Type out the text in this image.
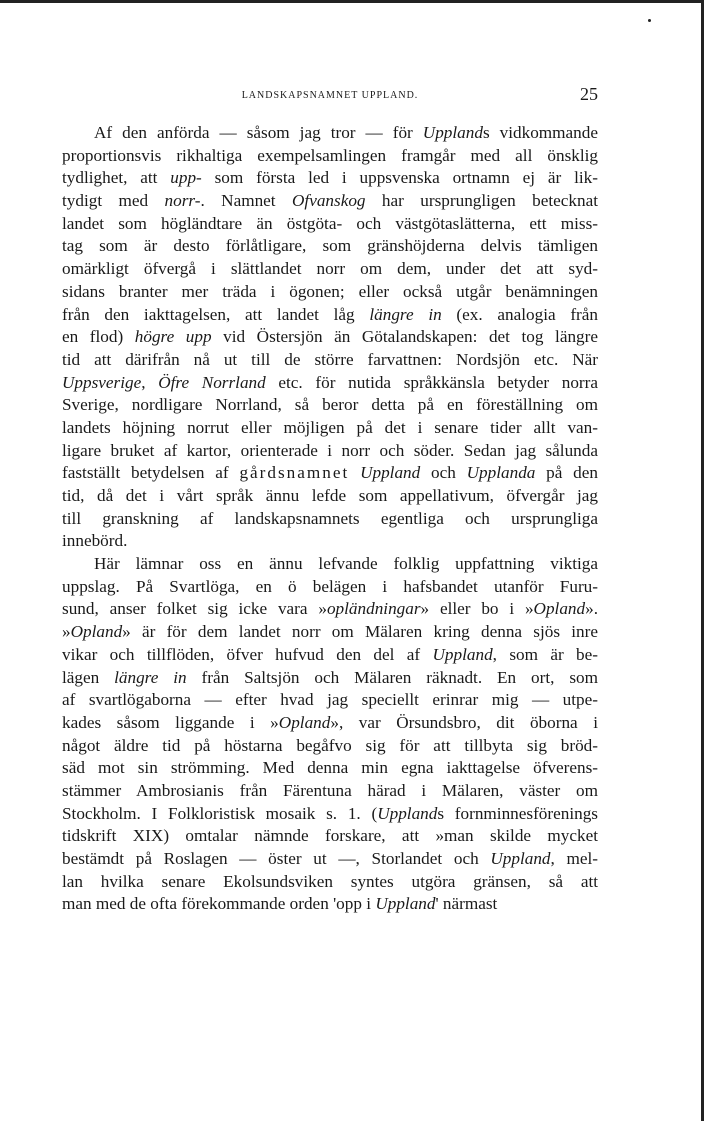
LANDSKAPSNAMNET UPPLAND.	25
Af den anförda — såsom jag tror — för Upplands vidkommande
proportionsvis rikhaltiga exempelsamlingen framgår med all önsklig
tydlighet, att upp- som första led i uppsvenska ortnamn ej är lik-
tydigt med norr-. Namnet Ofvanskog har ursprungligen betecknat
landet som högländtare än östgöta- och västgötaslätterna, ett miss-
tag som är desto förlåtligare, som gränshöjderna delvis tämligen
omärkligt öfvergå i slättlandet norr om dem, under det att syd-
sidans branter mer träda i ögonen; eller också utgår benämningen
från den iakttagelsen, att landet låg längre in (ex. analogia från
en flod) högre upp vid Östersjön än Götalandskapen: det tog längre
tid att därifrån nå ut till de större farvattnen: Nordsjön etc. När
Uppsverige, Öfre Norrland etc. för nutida språkkänsla betyder norra
Sverige, nordligare Norrland, så beror detta på en föreställning om
landets höjning norrut eller möjligen på det i senare tider allt van-
ligare bruket af kartor, orienterade i norr och söder. Sedan jag sålunda
fastställt betydelsen af gårdsnamnet Uppland och Upplanda på den
tid, då det i vårt språk ännu lefde som appellativum, öfvergår jag
till granskning af landskapsnamnets egentliga och ursprungliga
innebörd.
Här lämnar oss en ännu lefvande folklig uppfattning viktiga
uppslag. På Svartlöga, en ö belägen i hafsbandet utanför Furu-
sund, anser folket sig icke vara »opländningar» eller bo i »Opland».
»Opland» är för dem landet norr om Mälaren kring denna sjös inre
vikar och tillflöden, öfver hufvud den del af Uppland, som är be-
lägen längre in från Saltsjön och Mälaren räknadt. En ort, som
af svartlögaborna — efter hvad jag speciellt erinrar mig — utpe-
kades såsom liggande i »Opland», var Örsundsbro, dit öborna i
något äldre tid på höstarna begåfvo sig för att tillbyta sig bröd-
säd mot sin strömming. Med denna min egna iakttagelse öfverens-
stämmer Ambrosianis från Färentuna härad i Mälaren, väster om
Stockholm. I Folkloristisk mosaik s. 1. (Upplands fornminnesförenings
tidskrift XIX) omtalar nämnde forskare, att »man skilde mycket
bestämdt på Roslagen — öster ut —, Storlandet och Uppland, mel-
lan hvilka senare Ekolsundsviken syntes utgöra gränsen, så att
man med de ofta förekommande orden 'opp i Uppland' närmast
